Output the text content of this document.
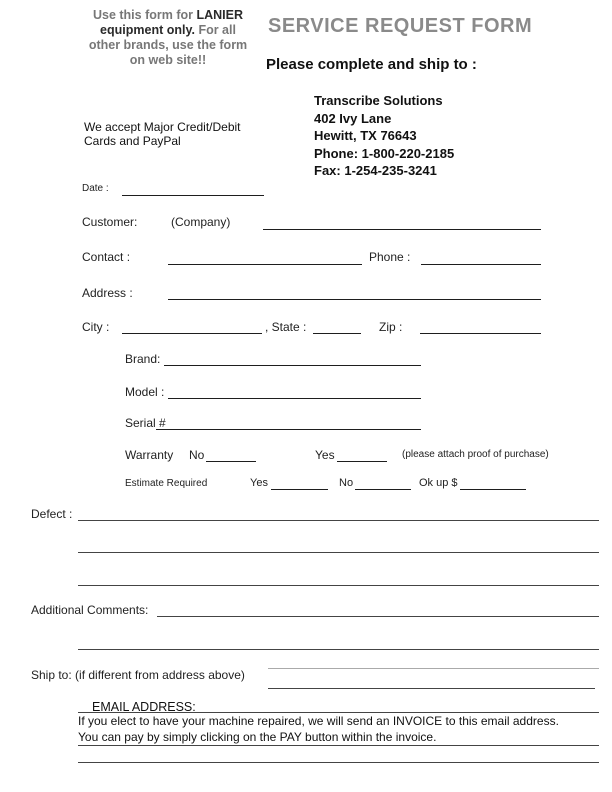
Use this form for LANIER
equipment only. For all
other brands, use the form
on web site!!
SERVICE REQUEST FORM
Please complete and ship to :
Transcribe Solutions
402 Ivy Lane
Hewitt, TX 76643
Phone: 1-800-220-2185
Fax: 1-254-235-3241
We accept Major Credit/Debit
Cards and PayPal
Date :
Customer:	(Company)
Contact :	Phone :
Address :
City :	, State :	Zip :
Brand:
Model :
Serial #
Warranty No	Yes	(please attach proof of purchase)
Estimate Required	Yes	No	Ok up $
Defect :
Additional Comments:
Ship to: (if different from address above)
EMAIL ADDRESS:
If you elect to have your machine repaired, we will send an INVOICE to this email address.
You can pay by simply clicking on the PAY button within the invoice.
